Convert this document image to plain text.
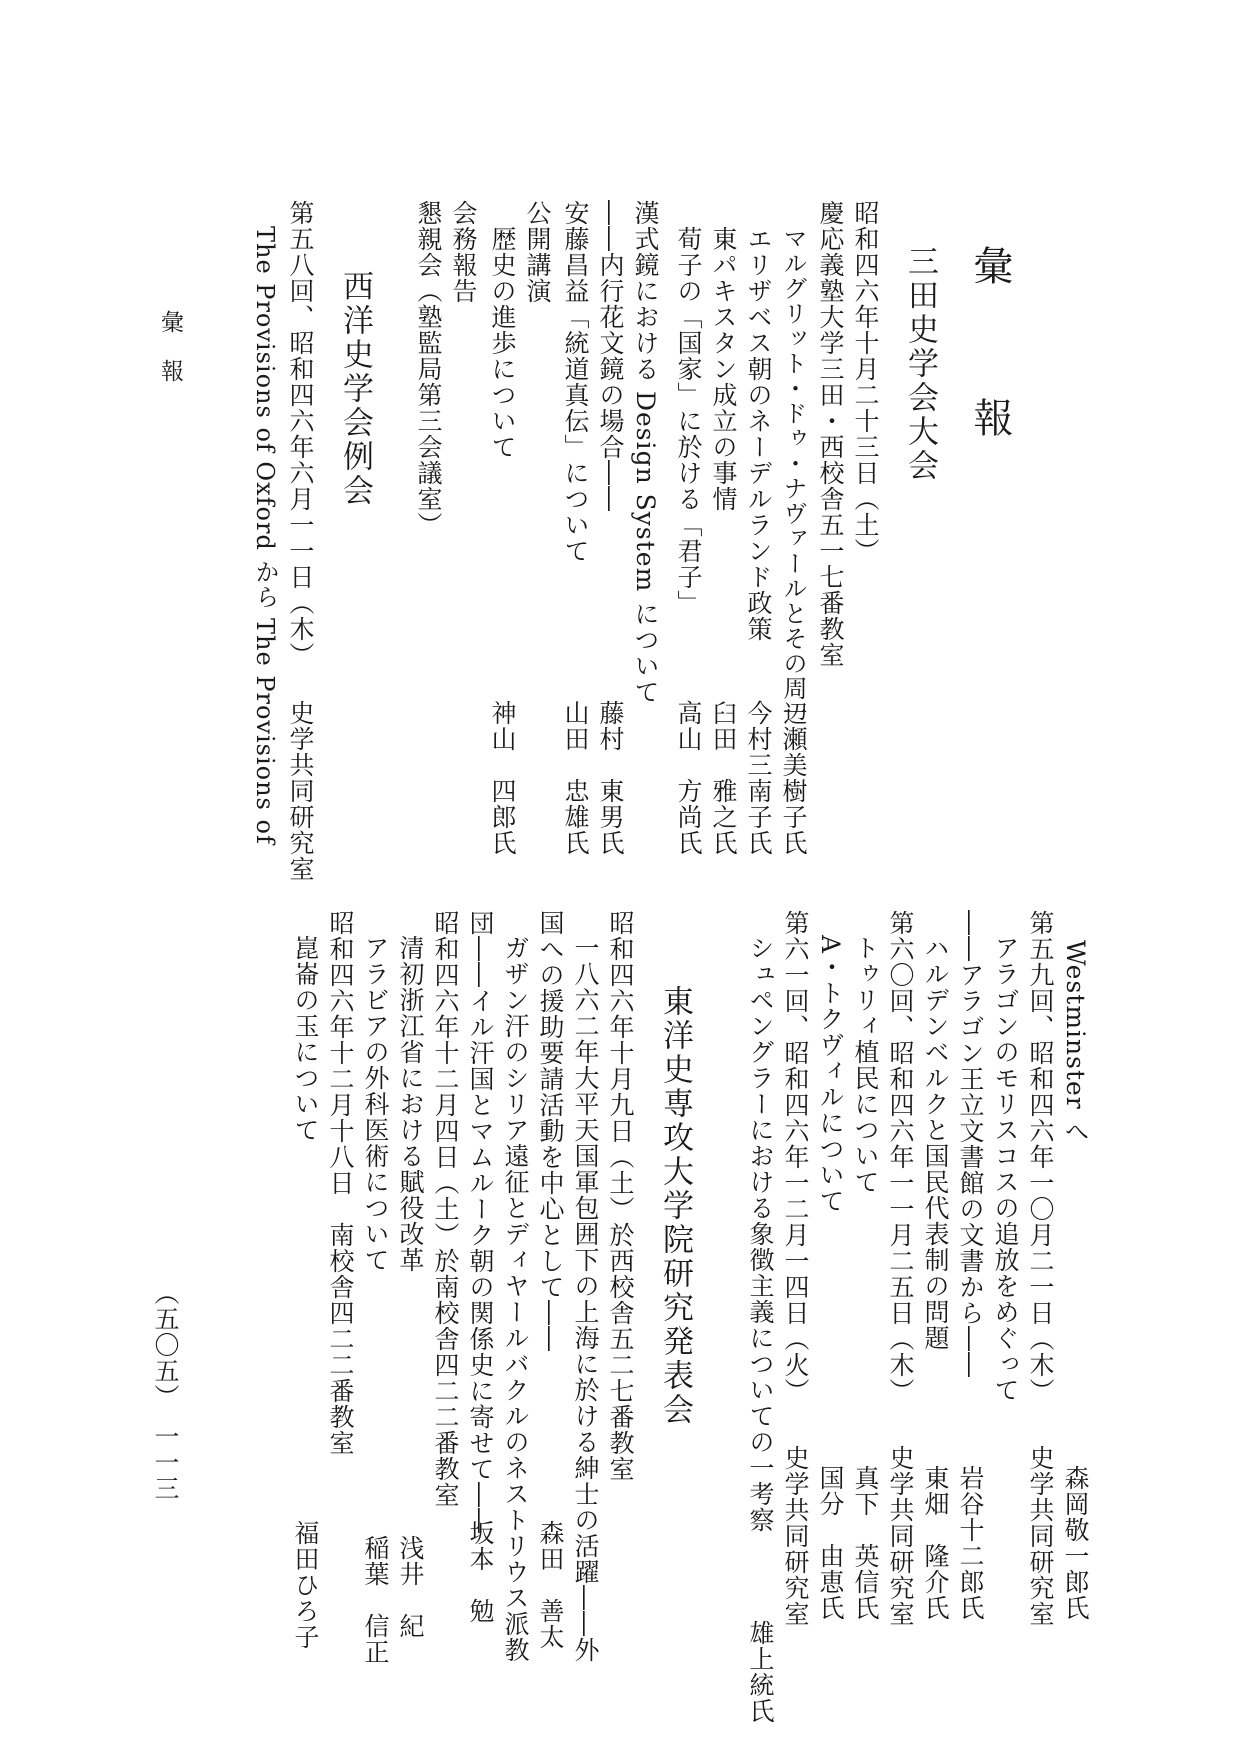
彙　報
三田史学会大会
昭和四六年十月二十三日（土）
慶応義塾大学三田・西校舎五一七番教室
マルグリット・ドゥ・ナヴァールとその周辺
一瀬美樹子氏
エリザベス朝のネーデルランド政策
今村三南子氏
東パキスタン成立の事情
臼田　雅之氏
荀子の「国家」に於ける「君子」
高山　方尚氏
漢式鏡における Design System について
――内行花文鏡の場合――
藤村　東男氏
安藤昌益「統道真伝」について
山田　忠雄氏
公開講演
歴史の進歩について
神山　四郎氏
会務報告
懇親会（塾監局第三会議室）
西洋史学会例会
第五八回、昭和四六年六月一一日（木）
史学共同研究室
The Provisions of Oxford から The Provisions of
Westminster へ
森岡敬一郎氏
第五九回、昭和四六年一〇月二一日（木）
史学共同研究室
アラゴンのモリスコスの追放をめぐって
――アラゴン王立文書館の文書から――
岩谷十二郎氏
ハルデンベルクと国民代表制の問題
東畑　隆介氏
第六〇回、昭和四六年一一月二五日（木）
史学共同研究室
トゥリィ植民について
真下　英信氏
A・トクヴィルについて
国分　由恵氏
第六一回、昭和四六年一二月一四日（火）
史学共同研究室
シュペングラーにおける象徴主義についての一考察
雄上統氏
東洋史専攻大学院研究発表会
昭和四六年十月九日（土）於西校舎五二七番教室
一八六二年大平天国軍包囲下の上海に於ける紳士の活躍――外
国への援助要請活動を中心として――
森田　善太
ガザン汗のシリア遠征とディヤールバクルのネストリウス派教
団――イル汗国とマムルーク朝の関係史に寄せて――
坂本　勉
昭和四六年十二月四日（土）於南校舎四二二番教室
清初浙江省における賦役改革
浅井　紀
アラビアの外科医術について
稲葉　信正
昭和四六年十二月十八日　南校舎四二二番教室
崑崙の玉について
福田ひろ子
彙報
（五〇五）　一一三
